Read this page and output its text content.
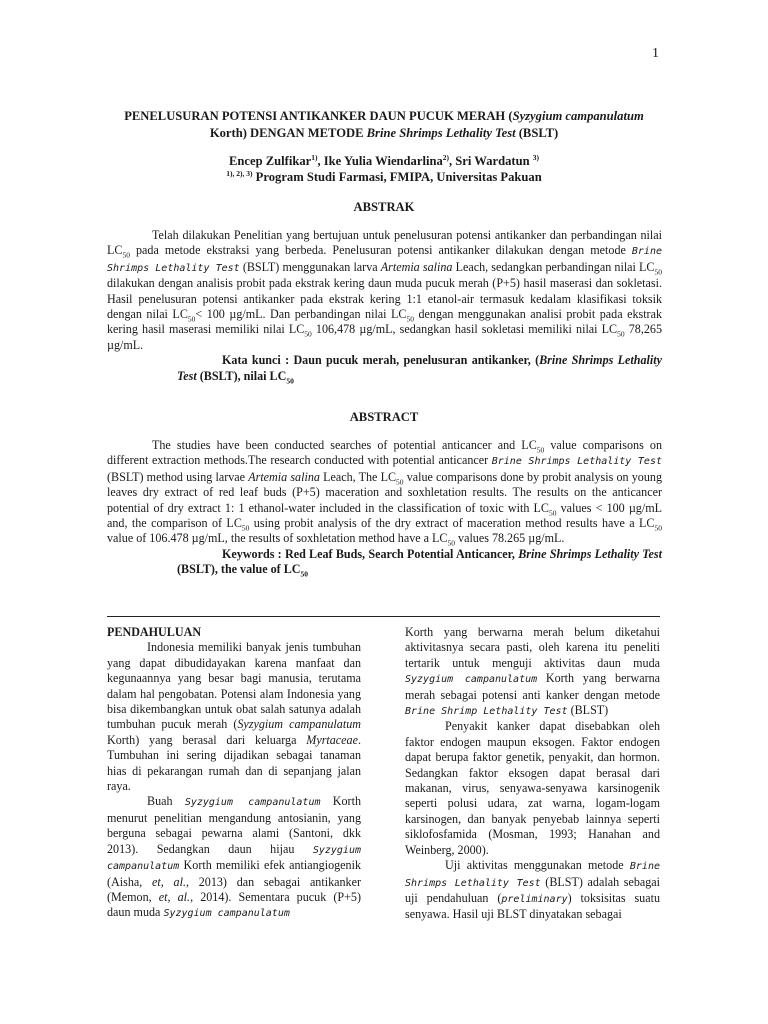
1
PENELUSURAN POTENSI ANTIKANKER DAUN PUCUK MERAH (Syzygium campanulatum
Korth) DENGAN METODE Brine Shrimps Lethality Test (BSLT)
Encep Zulfikar$^{1)}$, Ike Yulia Wiendarlina$^{2)}$, Sri Wardatun $^{3)}$
$^{1), 2), 3)}$ Program Studi Farmasi, FMIPA, Universitas Pakuan
ABSTRAK

Telah dilakukan Penelitian yang bertujuan untuk penelusuran potensi antikanker dan perbandingan nilai $LC_{50}$ pada metode ekstraksi yang berbeda. Penelusuran potensi antikanker dilakukan dengan metode Brine Shrimps Lethality Test (BSLT) menggunakan larva Artemia salina Leach, sedangkan perbandingan nilai $LC_{50}$ dilakukan dengan analisis probit pada ekstrak kering daun muda pucuk merah (P+5) hasil maserasi dan sokletasi. Hasil penelusuran potensi antikanker pada ekstrak kering 1:1 etanol-air termasuk kedalam klasifikasi toksik dengan nilai $LC_{50}< 100$ µg/mL. Dan perbandingan nilai $LC_{50}$ dengan menggunakan analisi probit pada ekstrak kering hasil maserasi memiliki nilai $LC_{50}$ 106,478 µg/mL, sedangkan hasil sokletasi memiliki nilai $LC_{50}$ 78,265 µg/mL.

Kata kunci : Daun pucuk merah, penelusuran antikanker, (Brine Shrimps Lethality Test (BSLT), nilai $LC_{50}$

ABSTRACT

The studies have been conducted searches of potential anticancer and $LC_{50}$ value comparisons on different extraction methods.The research conducted with potential anticancer Brine Shrimps Lethality Test (BSLT) method using larvae Artemia salina Leach, The $LC_{50}$ value comparisons done by probit analysis on young leaves dry extract of red leaf buds (P+5) maceration and soxhletation results. The results on the anticancer potential of dry extract 1: 1 ethanol-water included in the classification of toxic with $LC_{50}$ values < 100 µg/mL and, the comparison of $LC_{50}$ using probit analysis of the dry extract of maceration method results have a $LC_{50}$ value of 106.478 µg/mL, the results of soxhletation method have a $LC_{50}$ values 78.265 µg/mL.

Keywords : Red Leaf Buds, Search Potential Anticancer, Brine Shrimps Lethality Test (BSLT), the value of $LC_{50}$

PENDAHULUAN

Indonesia memiliki banyak jenis tumbuhan yang dapat dibudidayakan karena manfaat dan kegunaannya yang besar bagi manusia, terutama dalam hal pengobatan. Potensi alam Indonesia yang bisa dikembangkan untuk obat salah satunya adalah tumbuhan pucuk merah (Syzygium campanulatum Korth) yang berasal dari keluarga Myrtaceae. Tumbuhan ini sering dijadikan sebagai tanaman hias di pekarangan rumah dan di sepanjang jalan raya.

Buah Syzygium campanulatum Korth menurut penelitian mengandung antosianin, yang berguna sebagai pewarna alami (Santoni, dkk 2013). Sedangkan daun hijau Syzygium campanulatum Korth memiliki efek antiangiogenik (Aisha, et, al., 2013) dan sebagai antikanker (Memon, et, al., 2014). Sementara pucuk (P+5) daun muda Syzygium campanulatum

Korth yang berwarna merah belum diketahui aktivitasnya secara pasti, oleh karena itu peneliti tertarik untuk menguji aktivitas daun muda Syzygium campanulatum Korth yang berwarna merah sebagai potensi anti kanker dengan metode Brine Shrimp Lethality Test (BLST)

Penyakit kanker dapat disebabkan oleh faktor endogen maupun eksogen. Faktor endogen dapat berupa faktor genetik, penyakit, dan hormon. Sedangkan faktor eksogen dapat berasal dari makanan, virus, senyawa-senyawa karsinogenik seperti polusi udara, zat warna, logam-logam karsinogen, dan banyak penyebab lainnya seperti siklofosfamida (Mosman, 1993; Hanahan and Weinberg, 2000).

Uji aktivitas menggunakan metode Brine Shrimps Lethality Test (BLST) adalah sebagai uji pendahuluan (preliminary) toksisitas suatu senyawa. Hasil uji BLST dinyatakan sebagai
